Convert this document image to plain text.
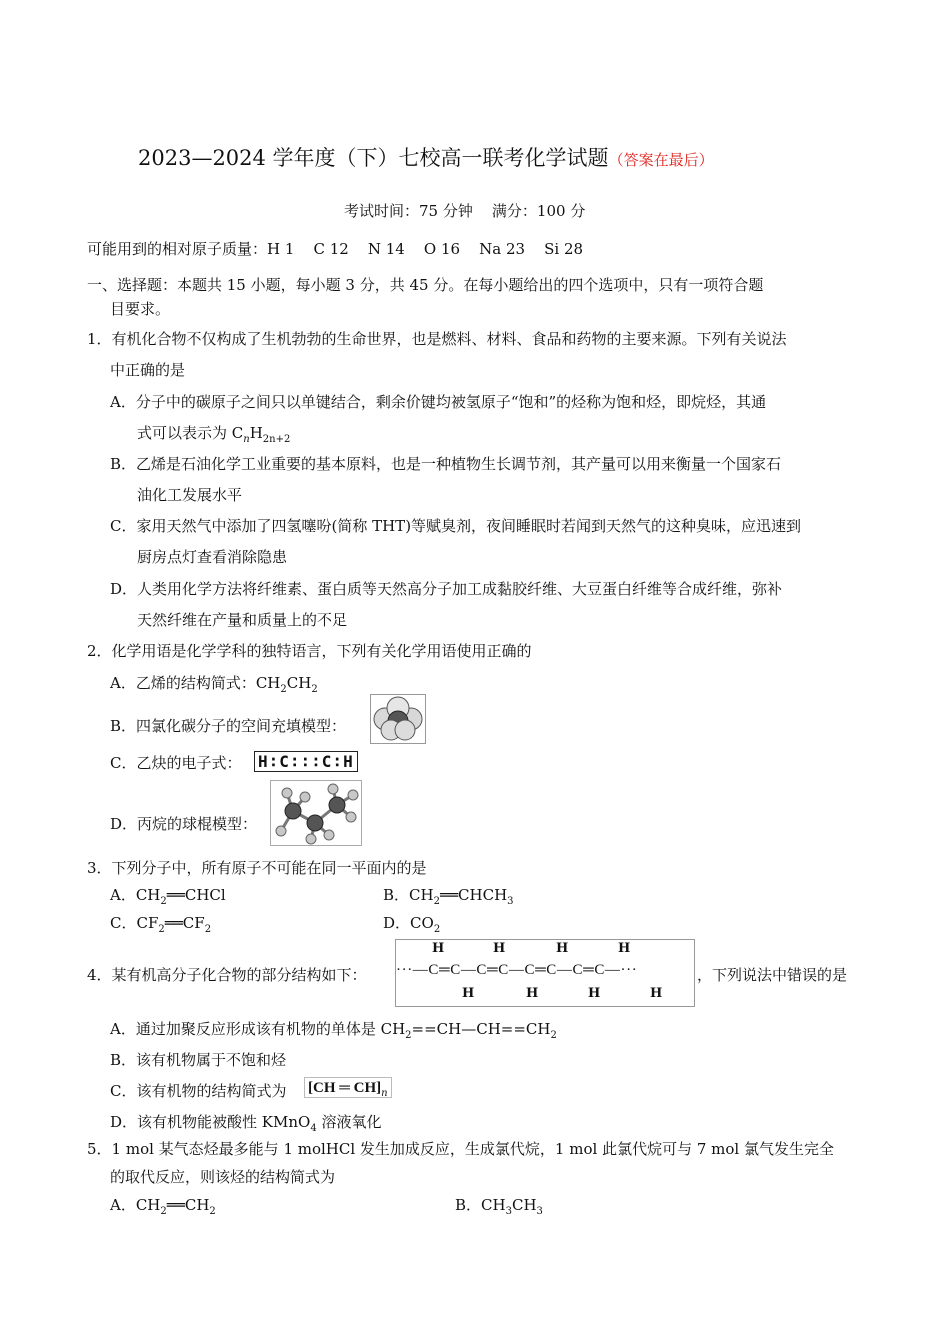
2023—2024 学年度（下）七校高一联考化学试题（答案在最后）
考试时间：75 分钟    满分：100 分
可能用到的相对原子质量：H 1    C 12    N 14    O 16    Na 23    Si 28
一、选择题：本题共 15 小题，每小题 3 分，共 45 分。在每小题给出的四个选项中，只有一项符合题
目要求。
1．有机化合物不仅构成了生机勃勃的生命世界，也是燃料、材料、食品和药物的主要来源。下列有关说法
中正确的是
A．分子中的碳原子之间只以单键结合，剩余价键均被氢原子“饱和”的烃称为饱和烃，即烷烃，其通
式可以表示为 $C_nH_{2n+2}$
B．乙烯是石油化学工业重要的基本原料，也是一种植物生长调节剂，其产量可以用来衡量一个国家石
油化工发展水平
C．家用天然气中添加了四氢噻吩(简称 THT)等赋臭剂，夜间睡眠时若闻到天然气的这种臭味，应迅速到
厨房点灯查看消除隐患
D．人类用化学方法将纤维素、蛋白质等天然高分子加工成黏胶纤维、大豆蛋白纤维等合成纤维，弥补
天然纤维在产量和质量上的不足
2．化学用语是化学学科的独特语言，下列有关化学用语使用正确的
A．乙烯的结构简式：$CH_2CH_2$
B．四氯化碳分子的空间充填模型：
C．乙炔的电子式： H∶C∶∶∶C∶H
D．丙烷的球棍模型：
3．下列分子中，所有原子不可能在同一平面内的是
A．$CH_2══CHCl$	B．$CH_2══CHCH_3$
C．$CF_2══CF_2$	D．$CO_2$
4．某有机高分子化合物的部分结构如下： ···—C═C—C═C—C═C—C═C—···
H	H	H	H
H	H	H	H
，下列说法中错误的是
A．通过加聚反应形成该有机物的单体是 $CH_2==CH—CH==CH_2$
B．该有机物属于不饱和烃
C．该有机物的结构简式为 [CH ═ $CH]_n$
D．该有机物能被酸性 KMnO$_4$ 溶液氧化
5．1 mol 某气态烃最多能与 1 molHCl 发生加成反应，生成氯代烷，1 mol 此氯代烷可与 7 mol 氯气发生完全
的取代反应，则该烃的结构简式为
A．$CH_2══CH_2$	B．$CH_3CH_3$
